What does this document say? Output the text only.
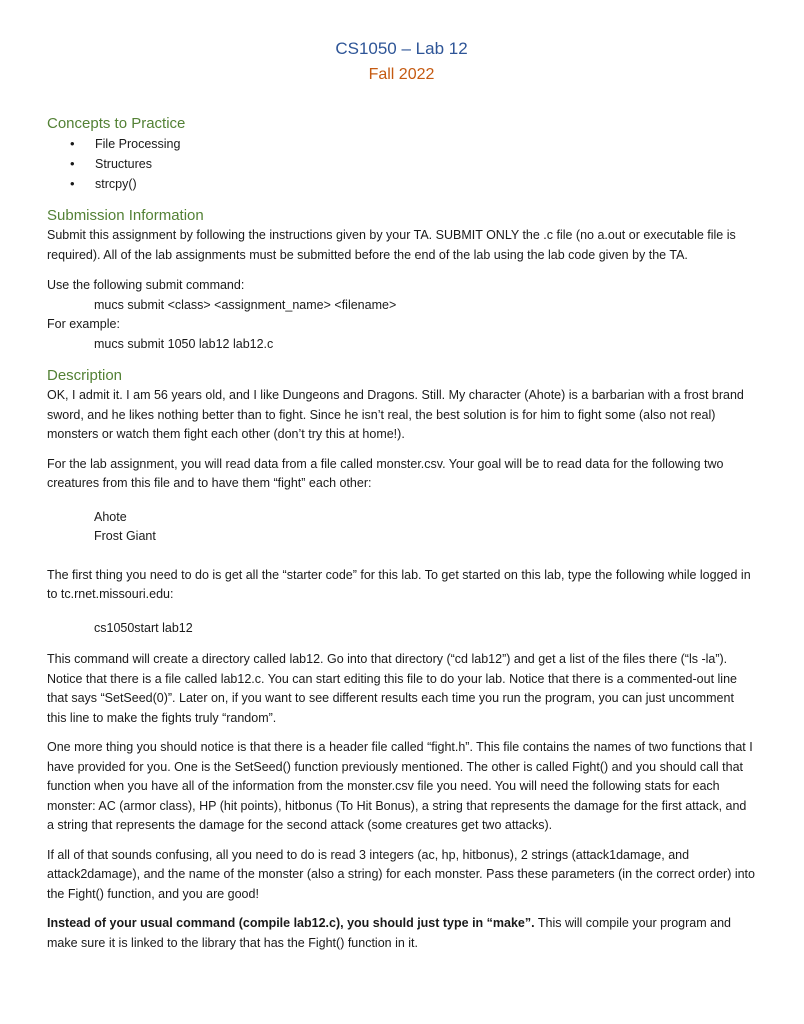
CS1050 – Lab 12
Fall 2022
Concepts to Practice
• File Processing
• Structures
• strcpy()
Submission Information

Submit this assignment by following the instructions given by your TA. SUBMIT ONLY the .c file (no a.out or executable file is required). All of the lab assignments must be submitted before the end of the lab using the lab code given by the TA.

Use the following submit command:

mucs submit <class> <assignment_name> <filename>

For example:

mucs submit 1050 lab12 lab12.c

Description

OK, I admit it. I am 56 years old, and I like Dungeons and Dragons. Still. My character (Ahote) is a barbarian with a frost brand sword, and he likes nothing better than to fight. Since he isn’t real, the best solution is for him to fight some (also not real) monsters or watch them fight each other (don’t try this at home!).

For the lab assignment, you will read data from a file called monster.csv. Your goal will be to read data for the following two creatures from this file and to have them “fight” each other:

Ahote
Frost Giant

The first thing you need to do is get all the “starter code” for this lab. To get started on this lab, type the following while logged in to tc.rnet.missouri.edu:

cs1050start lab12

This command will create a directory called lab12. Go into that directory (“cd lab12”) and get a list of the files there (“ls -la”). Notice that there is a file called lab12.c. You can start editing this file to do your lab. Notice that there is a commented-out line that says “SetSeed(0)”. Later on, if you want to see different results each time you run the program, you can just uncomment this line to make the fights truly “random”.

One more thing you should notice is that there is a header file called “fight.h”. This file contains the names of two functions that I have provided for you. One is the SetSeed() function previously mentioned. The other is called Fight() and you should call that function when you have all of the information from the monster.csv file you need. You will need the following stats for each monster: AC (armor class), HP (hit points), hitbonus (To Hit Bonus), a string that represents the damage for the first attack, and a string that represents the damage for the second attack (some creatures get two attacks).

If all of that sounds confusing, all you need to do is read 3 integers (ac, hp, hitbonus), 2 strings (attack1damage, and attack2damage), and the name of the monster (also a string) for each monster. Pass these parameters (in the correct order) into the Fight() function, and you are good!

Instead of your usual command (compile lab12.c), you should just type in “make”. This will compile your program and make sure it is linked to the library that has the Fight() function in it.
